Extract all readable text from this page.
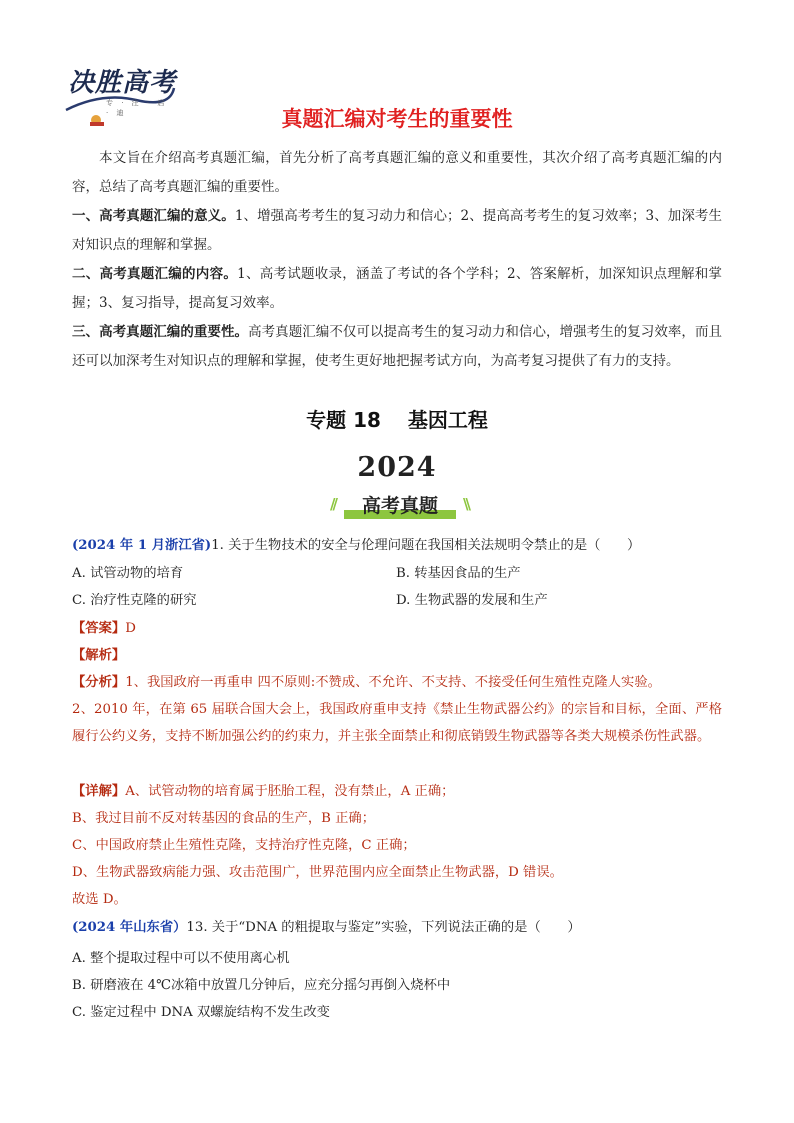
决胜高考
专 · 注 · 启 · 迪	真题汇编对考生的重要性
本文旨在介绍高考真题汇编，首先分析了高考真题汇编的意义和重要性，其次介绍了高考真题汇编的内容，总结了高考真题汇编的重要性。
一、高考真题汇编的意义。1、增强高考考生的复习动力和信心；2、提高高考考生的复习效率；3、加深考生对知识点的理解和掌握。
二、高考真题汇编的内容。1、高考试题收录，涵盖了考试的各个学科；2、答案解析，加深知识点理解和掌握；3、复习指导，提高复习效率。
三、高考真题汇编的重要性。高考真题汇编不仅可以提高考生的复习动力和信心，增强考生的复习效率，而且还可以加深考生对知识点的理解和掌握，使考生更好地把握考试方向，为高考复习提供了有力的支持。
专题 18　 基因工程
2024
//	\\
高考真题
(2024 年 1 月浙江省)1. 关于生物技术的安全与伦理问题在我国相关法规明令禁止的是（　　）
A. 试管动物的培育	B. 转基因食品的生产
C. 治疗性克隆的研究	D. 生物武器的发展和生产
【答案】D
【解析】
【分析】1、我国政府一再重申 四不原则:不赞成、不允许、不支持、不接受任何生殖性克隆人实验。
2、2010 年，在第 65 届联合国大会上，我国政府重申支持《禁止生物武器公约》的宗旨和目标，全面、严格履行公约义务，支持不断加强公约的约束力，并主张全面禁止和彻底销毁生物武器等各类大规模杀伤性武器。
【详解】A、试管动物的培育属于胚胎工程，没有禁止，A 正确；
B、我过目前不反对转基因的食品的生产，B 正确；
C、中国政府禁止生殖性克隆，支持治疗性克隆，C 正确；
D、生物武器致病能力强、攻击范围广，世界范围内应全面禁止生物武器，D 错误。
故选 D。
(2024 年山东省）13. 关于“DNA 的粗提取与鉴定”实验，下列说法正确的是（　　）
A. 整个提取过程中可以不使用离心机
B. 研磨液在 4℃冰箱中放置几分钟后，应充分摇匀再倒入烧杯中
C. 鉴定过程中 DNA 双螺旋结构不发生改变
